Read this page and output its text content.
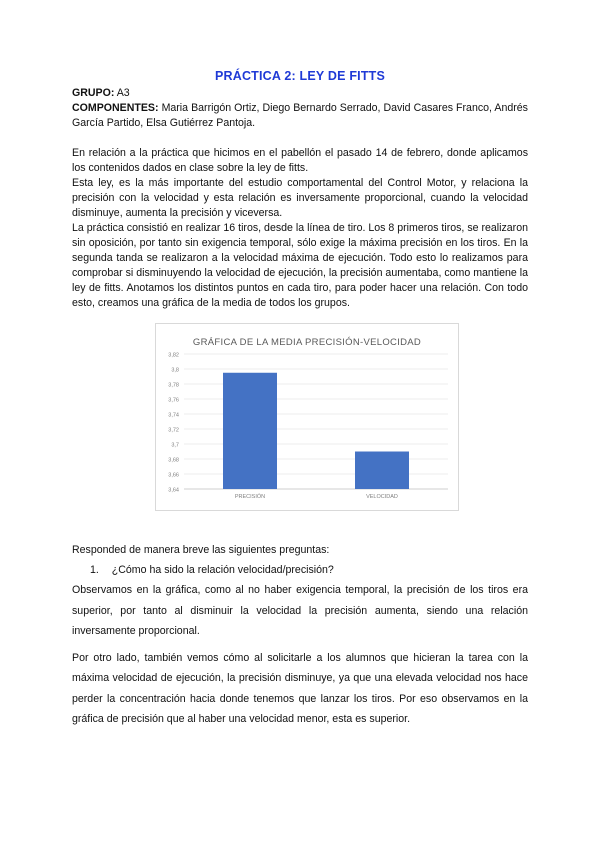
PRÁCTICA 2: LEY DE FITTS
GRUPO: A3
COMPONENTES: Maria Barrigón Ortiz, Diego Bernardo Serrado, David Casares Franco, Andrés García Partido, Elsa Gutiérrez Pantoja.

En relación a la práctica que hicimos en el pabellón el pasado 14 de febrero, donde aplicamos los contenidos dados en clase sobre la ley de fitts.

Esta ley, es la más importante del estudio comportamental del Control Motor, y relaciona la precisión con la velocidad y esta relación es inversamente proporcional, cuando la velocidad disminuye, aumenta la precisión y viceversa.

La práctica consistió en realizar 16 tiros, desde la línea de tiro. Los 8 primeros tiros, se realizaron sin oposición, por tanto sin exigencia temporal, sólo exige la máxima precisión en los tiros. En la segunda tanda se realizaron a la velocidad máxima de ejecución. Todo esto lo realizamos para comprobar si disminuyendo la velocidad de ejecución, la precisión aumentaba, como mantiene la ley de fitts. Anotamos los distintos puntos en cada tiro, para poder hacer una relación. Con todo esto, creamos una gráfica de la media de todos los grupos.

GRÁFICA DE LA MEDIA PRECISIÓN-VELOCIDAD
3,82
3,8
3,78
3,76
3,74
3,72
3,7
3,68
3,66
3,64
PRECISIÓN	VELOCIDAD
Responded de manera breve las siguientes preguntas:
1. ¿Cómo ha sido la relación velocidad/precisión?

Observamos en la gráfica, como al no haber exigencia temporal, la precisión de los tiros era superior, por tanto al disminuir la velocidad la precisión aumenta, siendo una relación inversamente proporcional.

Por otro lado, también vemos cómo al solicitarle a los alumnos que hicieran la tarea con la máxima velocidad de ejecución, la precisión disminuye, ya que una elevada velocidad nos hace perder la concentración hacia donde tenemos que lanzar los tiros. Por eso observamos en la gráfica de precisión que al haber una velocidad menor, esta es superior.
